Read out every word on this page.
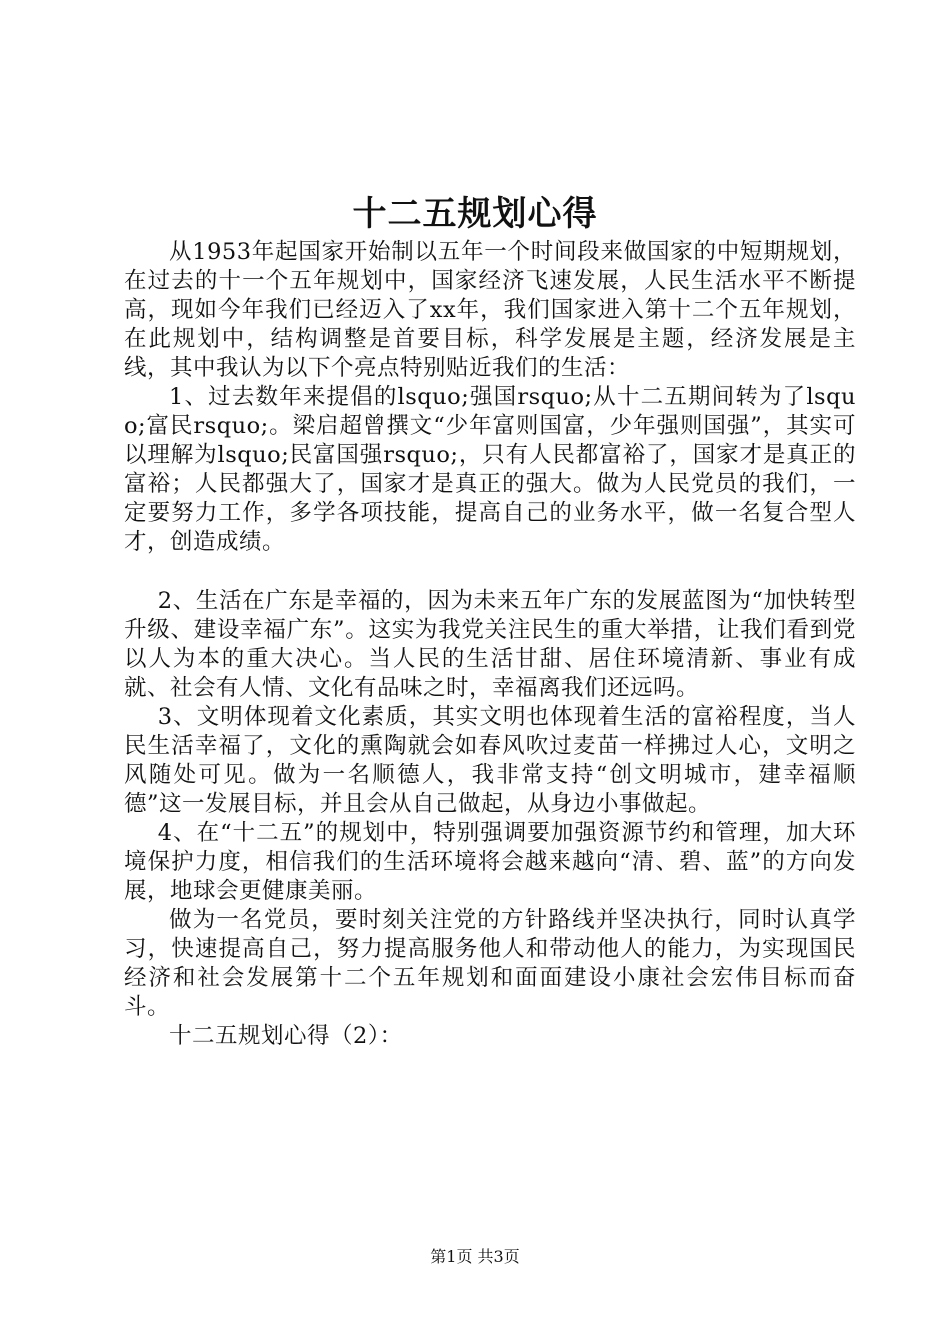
十二五规划心得

从1953年起国家开始制以五年一个时间段来做国家的中短期规划，在过去的十一个五年规划中，国家经济飞速发展，人民生活水平不断提高，现如今年我们已经迈入了xx年，我们国家进入第十二个五年规划，在此规划中，结构调整是首要目标，科学发展是主题，经济发展是主线，其中我认为以下个亮点特别贴近我们的生活：

1、过去数年来提倡的lsquo;强国rsquo;从十二五期间转为了lsquo;富民rsquo;。梁启超曾撰文“少年富则国富，少年强则国强”，其实可以理解为lsquo;民富国强rsquo;，只有人民都富裕了，国家才是真正的富裕；人民都强大了，国家才是真正的强大。做为人民党员的我们，一定要努力工作，多学各项技能，提高自己的业务水平，做一名复合型人才，创造成绩。

2、生活在广东是幸福的，因为未来五年广东的发展蓝图为“加快转型升级、建设幸福广东”。这实为我党关注民生的重大举措，让我们看到党以人为本的重大决心。当人民的生活甘甜、居住环境清新、事业有成就、社会有人情、文化有品味之时，幸福离我们还远吗。

3、文明体现着文化素质，其实文明也体现着生活的富裕程度，当人民生活幸福了，文化的熏陶就会如春风吹过麦苗一样拂过人心，文明之风随处可见。做为一名顺德人，我非常支持“创文明城市，建幸福顺德”这一发展目标，并且会从自己做起，从身边小事做起。

4、在“十二五”的规划中，特别强调要加强资源节约和管理，加大环境保护力度，相信我们的生活环境将会越来越向“清、碧、蓝”的方向发展，地球会更健康美丽。

做为一名党员，要时刻关注党的方针路线并坚决执行，同时认真学习，快速提高自己，努力提高服务他人和带动他人的能力，为实现国民经济和社会发展第十二个五年规划和面面建设小康社会宏伟目标而奋斗。

十二五规划心得（2）：

第1页 共3页
